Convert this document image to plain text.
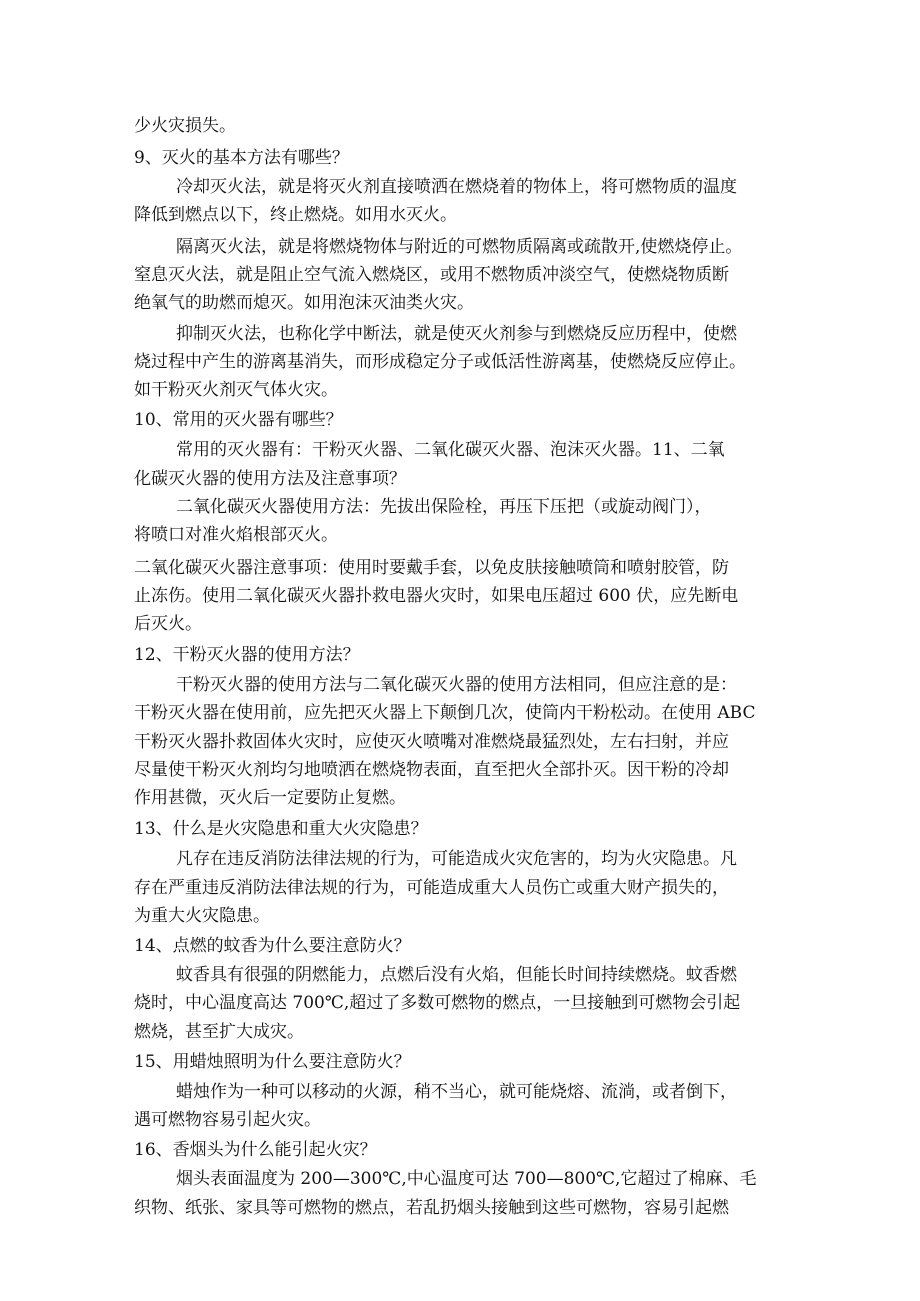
少火灾损失。
9、灭火的基本方法有哪些？
冷却灭火法，就是将灭火剂直接喷洒在燃烧着的物体上，将可燃物质的温度
降低到燃点以下，终止燃烧。如用水灭火。
隔离灭火法，就是将燃烧物体与附近的可燃物质隔离或疏散开,使燃烧停止。
窒息灭火法，就是阻止空气流入燃烧区，或用不燃物质冲淡空气，使燃烧物质断
绝氧气的助燃而熄灭。如用泡沫灭油类火灾。
抑制灭火法，也称化学中断法，就是使灭火剂参与到燃烧反应历程中，使燃
烧过程中产生的游离基消失，而形成稳定分子或低活性游离基，使燃烧反应停止。
如干粉灭火剂灭气体火灾。
10、常用的灭火器有哪些？
常用的灭火器有：干粉灭火器、二氧化碳灭火器、泡沫灭火器。11、二氧
化碳灭火器的使用方法及注意事项？
二氧化碳灭火器使用方法：先拔出保险栓，再压下压把（或旋动阀门），
将喷口对准火焰根部灭火。
二氧化碳灭火器注意事项：使用时要戴手套，以免皮肤接触喷筒和喷射胶管，防
止冻伤。使用二氧化碳灭火器扑救电器火灾时，如果电压超过 600 伏，应先断电
后灭火。
12、干粉灭火器的使用方法？
干粉灭火器的使用方法与二氧化碳灭火器的使用方法相同，但应注意的是：
干粉灭火器在使用前，应先把灭火器上下颠倒几次，使筒内干粉松动。在使用 ABC
干粉灭火器扑救固体火灾时，应使灭火喷嘴对准燃烧最猛烈处，左右扫射，并应
尽量使干粉灭火剂均匀地喷洒在燃烧物表面，直至把火全部扑灭。因干粉的冷却
作用甚微，灭火后一定要防止复燃。
13、什么是火灾隐患和重大火灾隐患？
凡存在违反消防法律法规的行为，可能造成火灾危害的，均为火灾隐患。凡
存在严重违反消防法律法规的行为，可能造成重大人员伤亡或重大财产损失的，
为重大火灾隐患。
14、点燃的蚊香为什么要注意防火？
蚊香具有很强的阴燃能力，点燃后没有火焰，但能长时间持续燃烧。蚊香燃
烧时，中心温度高达 700℃,超过了多数可燃物的燃点，一旦接触到可燃物会引起
燃烧，甚至扩大成灾。
15、用蜡烛照明为什么要注意防火？
蜡烛作为一种可以移动的火源，稍不当心，就可能烧熔、流淌，或者倒下，
遇可燃物容易引起火灾。
16、香烟头为什么能引起火灾？
烟头表面温度为 200—300℃,中心温度可达 700—800℃,它超过了棉麻、毛
织物、纸张、家具等可燃物的燃点，若乱扔烟头接触到这些可燃物，容易引起燃
